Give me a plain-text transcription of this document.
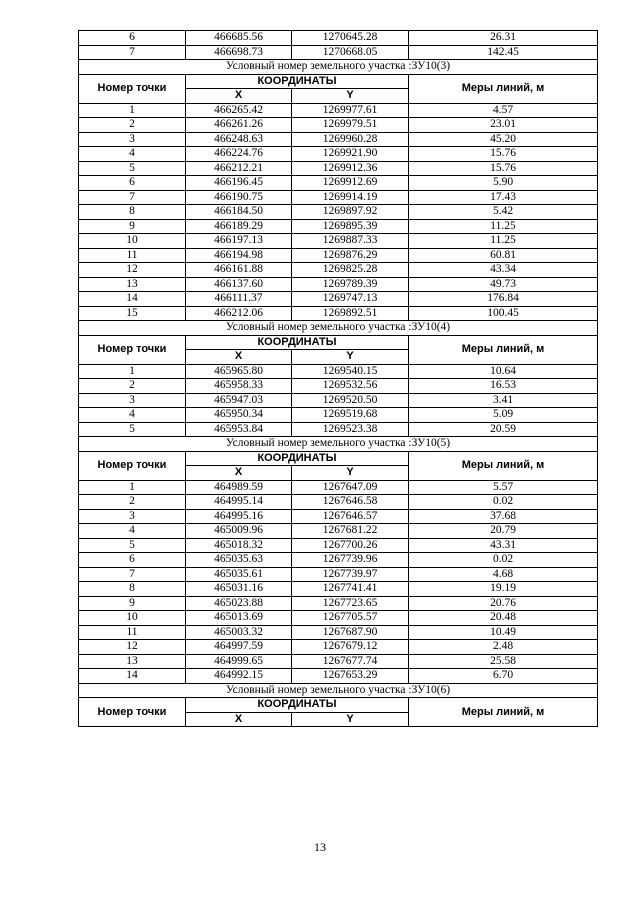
6	466685.56	1270645.28	26.31
7	466698.73	1270668.05	142.45
Условный номер земельного участка :ЗУ10(3)			
Номер точки	КООРДИНАТЫ		Меры линий, м
	X	Y	
1	466265.42	1269977.61	4.57
2	466261.26	1269979.51	23.01
3	466248.63	1269960.28	45.20
4	466224.76	1269921.90	15.76
5	466212.21	1269912.36	15.76
6	466196.45	1269912.69	5.90
7	466190.75	1269914.19	17.43
8	466184.50	1269897.92	5.42
9	466189.29	1269895.39	11.25
10	466197.13	1269887.33	11.25
11	466194.98	1269876.29	60.81
12	466161.88	1269825.28	43.34
13	466137.60	1269789.39	49.73
14	466111.37	1269747.13	176.84
15	466212.06	1269892.51	100.45
Условный номер земельного участка :ЗУ10(4)			
Номер точки	КООРДИНАТЫ		Меры линий, м
	X	Y	
1	465965.80	1269540.15	10.64
2	465958.33	1269532.56	16.53
3	465947.03	1269520.50	3.41
4	465950.34	1269519.68	5.09
5	465953.84	1269523.38	20.59
Условный номер земельного участка :ЗУ10(5)			
Номер точки	КООРДИНАТЫ		Меры линий, м
	X	Y	
1	464989.59	1267647.09	5.57
2	464995.14	1267646.58	0.02
3	464995.16	1267646.57	37.68
4	465009.96	1267681.22	20.79
5	465018.32	1267700.26	43.31
6	465035.63	1267739.96	0.02
7	465035.61	1267739.97	4.68
8	465031.16	1267741.41	19.19
9	465023.88	1267723.65	20.76
10	465013.69	1267705.57	20.48
11	465003.32	1267687.90	10.49
12	464997.59	1267679.12	2.48
13	464999.65	1267677.74	25.58
14	464992.15	1267653.29	6.70
Условный номер земельного участка :ЗУ10(6)			
Номер точки	КООРДИНАТЫ		Меры линий, м
	X	Y	
13
